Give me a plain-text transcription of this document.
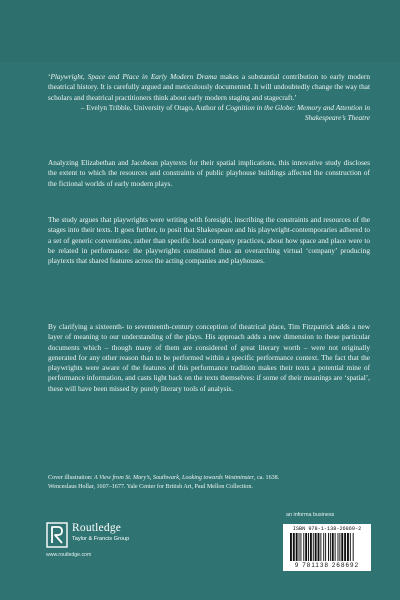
‘Playwright, Space and Place in Early Modern Drama makes a substantial contribution to early modern theatrical history. It is carefully argued and meticulously documented. It will undoubtedly change the way that scholars and theatrical practitioners think about early modern staging and stagecraft.’
– Evelyn Tribble, University of Otago, Author of Cognition in the Globe: Memory and Attention in Shakespeare’s Theatre
Analyzing Elizabethan and Jacobean playtexts for their spatial implications, this innovative study discloses the extent to which the resources and constraints of public playhouse buildings affected the construction of the fictional worlds of early modern plays.
The study argues that playwrights were writing with foresight, inscribing the constraints and resources of the stages into their texts. It goes further, to posit that Shakespeare and his playwright-contemporaries adhered to a set of generic conventions, rather than specific local company practices, about how space and place were to be related in performance: the playwrights constituted thus an overarching virtual ‘company’ producing playtexts that shared features across the acting companies and playhouses.
By clarifying a sixteenth- to seventeenth-century conception of theatrical place, Tim Fitzpatrick adds a new layer of meaning to our understanding of the plays. His approach adds a new dimension to these particular documents which – though many of them are considered of great literary worth – were not originally generated for any other reason than to be performed within a specific performance context. The fact that the playwrights were aware of the features of this performance tradition makes their texts a potential mine of performance information, and casts light back on the texts themselves: if some of their meanings are ‘spatial’, these will have been missed by purely literary tools of analysis.
Cover illustration: A View from St. Mary’s, Southwark, Looking towards Westminster, ca. 1638.
Wenceslaus Hollar, 1607–1677. Yale Center for British Art, Paul Mellon Collection.
an informa business
Routledge
Taylor & Francis Group
www.routledge.com
ISBN 978-1-138-26869-2
9 781138 268692
